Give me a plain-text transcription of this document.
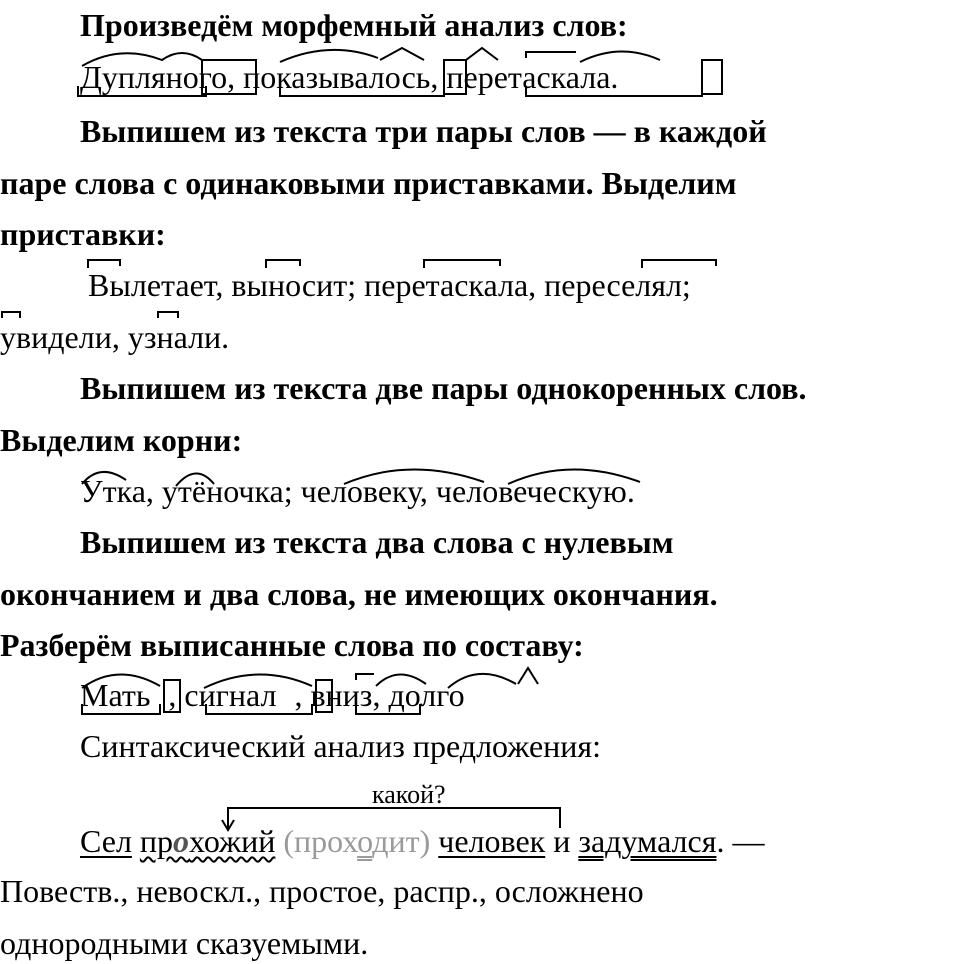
Произведём морфемный анализ слов:
Дупляного, показывалось, перетаскала.
Выпишем из текста три пары слов — в каждой
паре слова с одинаковыми приставками. Выделим
приставки:
Вылетает, выносит; перетаскала, переселял;
увидели, узнали.
Выпишем из текста две пары однокоренных слов.
Выделим корни:
Утка, утёночка; человеку, человеческую.
Выпишем из текста два слова с нулевым
окончанием и два слова, не имеющих окончания.
Разберём выписанные слова по составу:
Мать , сигнал , вниз, долго
Синтаксический анализ предложения:
какой?
Сел прохожий (проходит) человек и задумался. —
Повеств., невоскл., простое, распр., осложнено
однородными сказуемыми.
